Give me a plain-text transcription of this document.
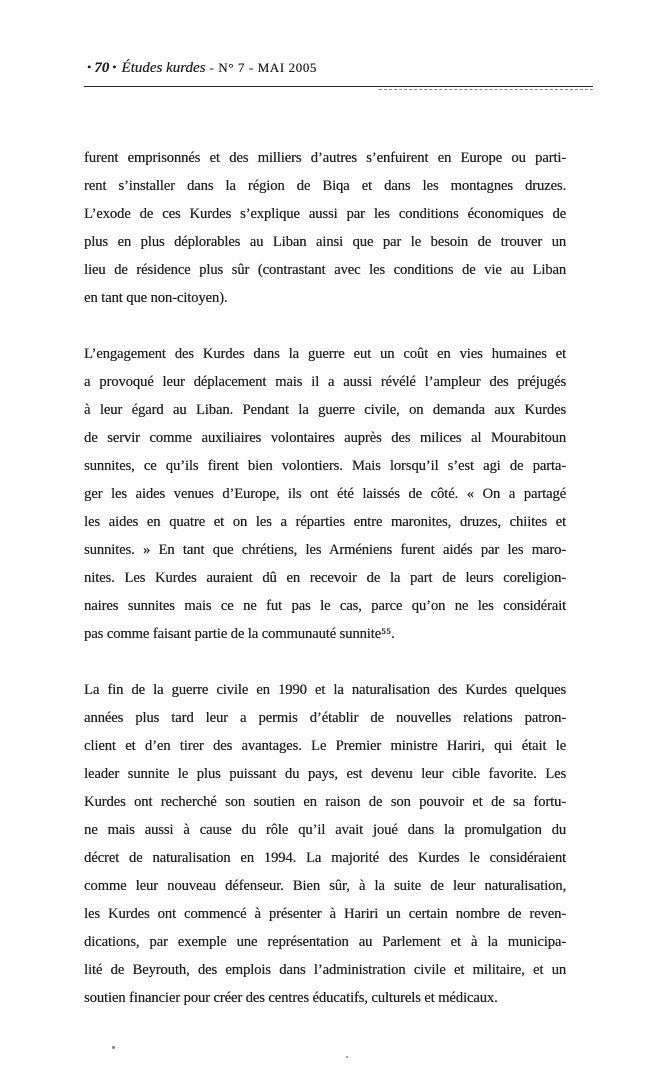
• 70 • Études kurdes - N° 7 - MAI 2005
furent emprisonnés et des milliers d’autres s’enfuirent en Europe ou parti-
rent s’installer dans la région de Biqa et dans les montagnes druzes.
L’exode de ces Kurdes s’explique aussi par les conditions économiques de
plus en plus déplorables au Liban ainsi que par le besoin de trouver un
lieu de résidence plus sûr (contrastant avec les conditions de vie au Liban
en tant que non-citoyen).
L’engagement des Kurdes dans la guerre eut un coût en vies humaines et
a provoqué leur déplacement mais il a aussi révélé l’ampleur des préjugés
à leur égard au Liban. Pendant la guerre civile, on demanda aux Kurdes
de servir comme auxiliaires volontaires auprès des milices al Mourabitoun
sunnites, ce qu’ils firent bien volontiers. Mais lorsqu’il s’est agi de parta-
ger les aides venues d’Europe, ils ont été laissés de côté. « On a partagé
les aides en quatre et on les a réparties entre maronites, druzes, chiites et
sunnites. » En tant que chrétiens, les Arméniens furent aidés par les maro-
nites. Les Kurdes auraient dû en recevoir de la part de leurs coreligion-
naires sunnites mais ce ne fut pas le cas, parce qu’on ne les considérait
pas comme faisant partie de la communauté sunnite⁵⁵.
La fin de la guerre civile en 1990 et la naturalisation des Kurdes quelques
années plus tard leur a permis d’établir de nouvelles relations patron-
client et d’en tirer des avantages. Le Premier ministre Hariri, qui était le
leader sunnite le plus puissant du pays, est devenu leur cible favorite. Les
Kurdes ont recherché son soutien en raison de son pouvoir et de sa fortu-
ne mais aussi à cause du rôle qu’il avait joué dans la promulgation du
décret de naturalisation en 1994. La majorité des Kurdes le considéraient
comme leur nouveau défenseur. Bien sûr, à la suite de leur naturalisation,
les Kurdes ont commencé à présenter à Hariri un certain nombre de reven-
dications, par exemple une représentation au Parlement et à la municipa-
lité de Beyrouth, des emplois dans l’administration civile et militaire, et un
soutien financier pour créer des centres éducatifs, culturels et médicaux.
